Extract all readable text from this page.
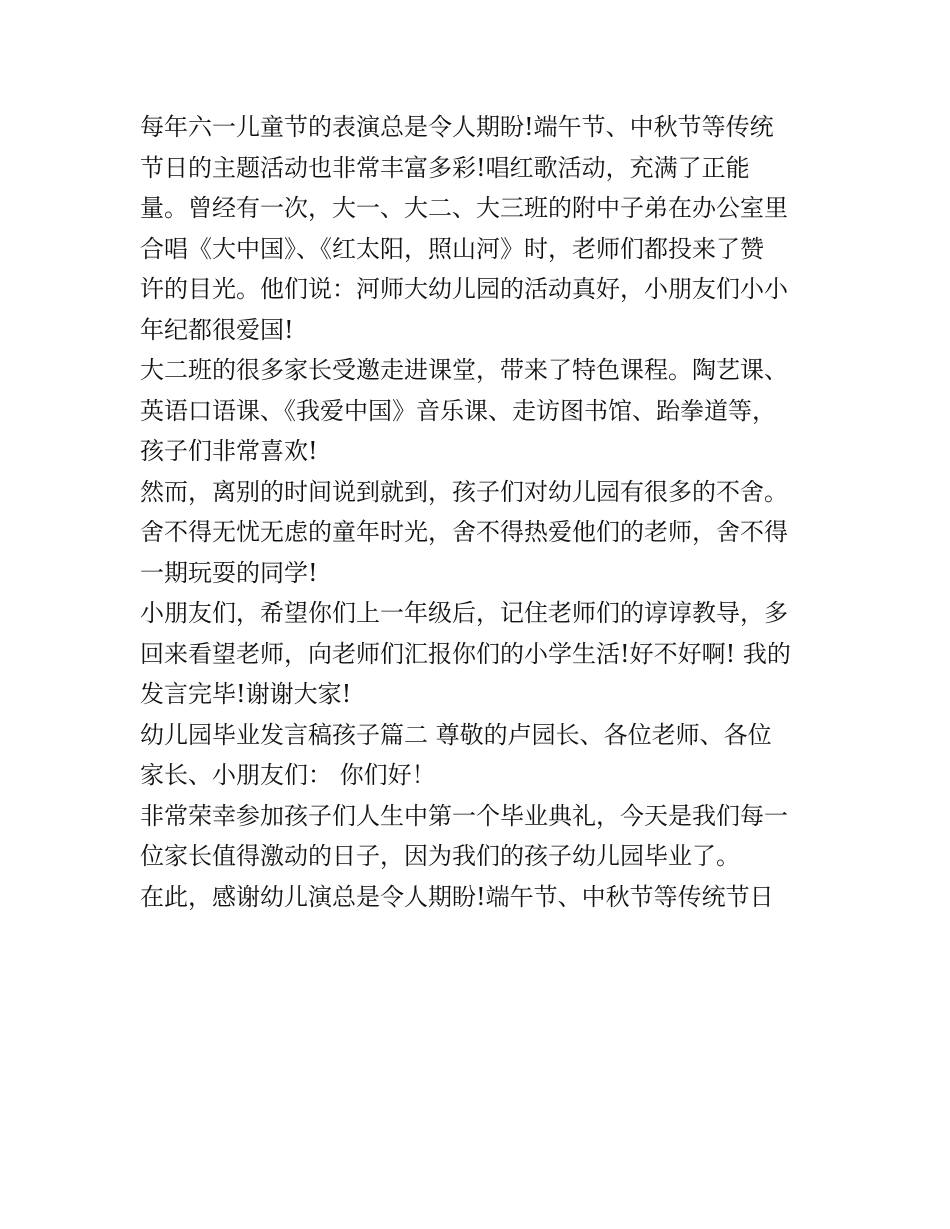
每年六一儿童节的表演总是令人期盼!端午节、中秋节等传统
节日的主题活动也非常丰富多彩!唱红歌活动，充满了正能
量。曾经有一次，大一、大二、大三班的附中子弟在办公室里
合唱《大中国》、《红太阳，照山河》时，老师们都投来了赞
许的目光。他们说：河师大幼儿园的活动真好，小朋友们小小
年纪都很爱国!
大二班的很多家长受邀走进课堂，带来了特色课程。陶艺课、
英语口语课、《我爱中国》音乐课、走访图书馆、跆拳道等，
孩子们非常喜欢!
然而，离别的时间说到就到，孩子们对幼儿园有很多的不舍。
舍不得无忧无虑的童年时光，舍不得热爱他们的老师，舍不得
一期玩耍的同学!
小朋友们，希望你们上一年级后，记住老师们的谆谆教导，多
回来看望老师，向老师们汇报你们的小学生活!好不好啊! 我的
发言完毕!谢谢大家!
幼儿园毕业发言稿孩子篇二 尊敬的卢园长、各位老师、各位
家长、小朋友们： 你们好！
非常荣幸参加孩子们人生中第一个毕业典礼，今天是我们每一
位家长值得激动的日子，因为我们的孩子幼儿园毕业了。
在此，感谢幼儿演总是令人期盼!端午节、中秋节等传统节日
